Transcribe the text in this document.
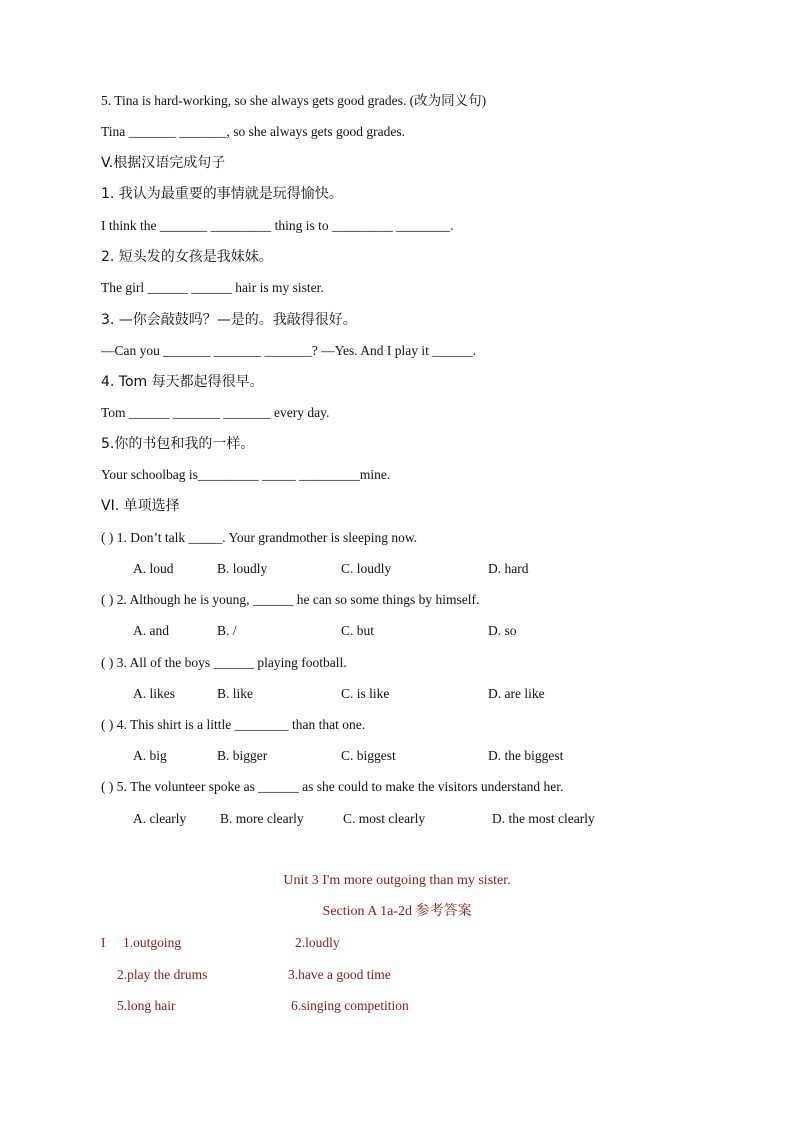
5. Tina is hard-working, so she always gets good grades. (改为同义句)
Tina _______ _______, so she always gets good grades.
V.根据汉语完成句子
1. 我认为最重要的事情就是玩得愉快。
I think the _______ _________ thing is to _________ ________.
2. 短头发的女孩是我妹妹。
The girl ______ ______ hair is my sister.
3. —你会敲鼓吗？—是的。我敲得很好。
—Can you _______ _______ _______? —Yes. And I play it ______.
4. Tom 每天都起得很早。
Tom ______ _______ _______ every day.
5.你的书包和我的一样。
Your schoolbag is_________ _____ _________mine.
VI. 单项选择
( ) 1. Don’t talk _____. Your grandmother is sleeping now.
A. loud	B. loudly	C. loudly	D. hard
( ) 2. Although he is young, ______ he can so some things by himself.
A. and	B. /	C. but	D. so
( ) 3. All of the boys ______ playing football.
A. likes	B. like	C. is like	D. are like
( ) 4. This shirt is a little ________ than that one.
A. big	B. bigger	C. biggest	D. the biggest
( ) 5. The volunteer spoke as ______ as she could to make the visitors understand her.
A. clearly	B. more clearly	C. most clearly	D. the most clearly
Unit 3 I'm more outgoing than my sister.
Section A 1a-2d 参考答案
I 1.outgoing	2.loudly
2.play the drums	3.have a good time
5.long hair	6.singing competition
